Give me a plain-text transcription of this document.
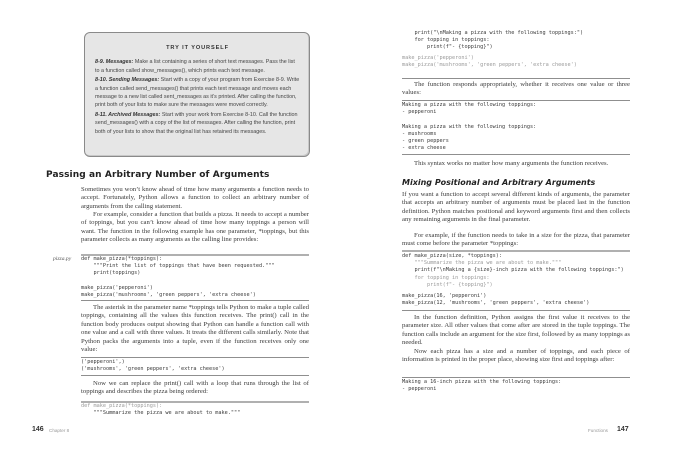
TRY IT YOURSELF
8-9. Messages: Make a list containing a series of short text messages. Pass the list to a function called show_messages(), which prints each text message.
8-10. Sending Messages: Start with a copy of your program from Exercise 8-9. Write a function called send_messages() that prints each text message and moves each message to a new list called sent_messages as it’s printed. After calling the function, print both of your lists to make sure the messages were moved correctly.
8-11. Archived Messages: Start with your work from Exercise 8-10. Call the function send_messages() with a copy of the list of messages. After calling the function, print both of your lists to show that the original list has retained its messages.
Passing an Arbitrary Number of Arguments
Sometimes you won’t know ahead of time how many arguments a function needs to accept. Fortunately, Python allows a function to collect an arbitrary number of arguments from the calling statement.
For example, consider a function that builds a pizza. It needs to accept a number of toppings, but you can’t know ahead of time how many toppings a person will want. The function in the following example has one parameter, *toppings, but this parameter collects as many arguments as the calling line provides:
pizza.py def make_pizza(*toppings):
"""Print the list of toppings that have been requested."""
print(toppings)

make_pizza('pepperoni')
make_pizza('mushrooms', 'green peppers', 'extra cheese')
The asterisk in the parameter name *toppings tells Python to make a tuple called toppings, containing all the values this function receives. The print() call in the function body produces output showing that Python can handle a function call with one value and a call with three values. It treats the different calls similarly. Note that Python packs the arguments into a tuple, even if the function receives only one value:
('pepperoni',)
('mushrooms', 'green peppers', 'extra cheese')
Now we can replace the print() call with a loop that runs through the list of toppings and describes the pizza being ordered:
def make_pizza(*toppings):
"""Summarize the pizza we are about to make."""
146 Chapter 8
print("\nMaking a pizza with the following toppings:")
for topping in toppings:
print(f"- {topping}")
make_pizza('pepperoni')
make_pizza('mushrooms', 'green peppers', 'extra cheese')
The function responds appropriately, whether it receives one value or three values:
Making a pizza with the following toppings:
- pepperoni

Making a pizza with the following toppings:
- mushrooms
- green peppers
- extra cheese
This syntax works no matter how many arguments the function receives.
Mixing Positional and Arbitrary Arguments
If you want a function to accept several different kinds of arguments, the parameter that accepts an arbitrary number of arguments must be placed last in the function definition. Python matches positional and keyword arguments first and then collects any remaining arguments in the final parameter.
For example, if the function needs to take in a size for the pizza, that parameter must come before the parameter *toppings:
def make_pizza(size, *toppings):
"""Summarize the pizza we are about to make."""
print(f"\nMaking a {size}-inch pizza with the following toppings:")
for topping in toppings:
print(f"- {topping}")
make_pizza(16, 'pepperoni')
make_pizza(12, 'mushrooms', 'green peppers', 'extra cheese')
In the function definition, Python assigns the first value it receives to the parameter size. All other values that come after are stored in the tuple toppings. The function calls include an argument for the size first, followed by as many toppings as needed.
Now each pizza has a size and a number of toppings, and each piece of information is printed in the proper place, showing size first and toppings after:
Making a 16-inch pizza with the following toppings:
- pepperoni
Functions 147
